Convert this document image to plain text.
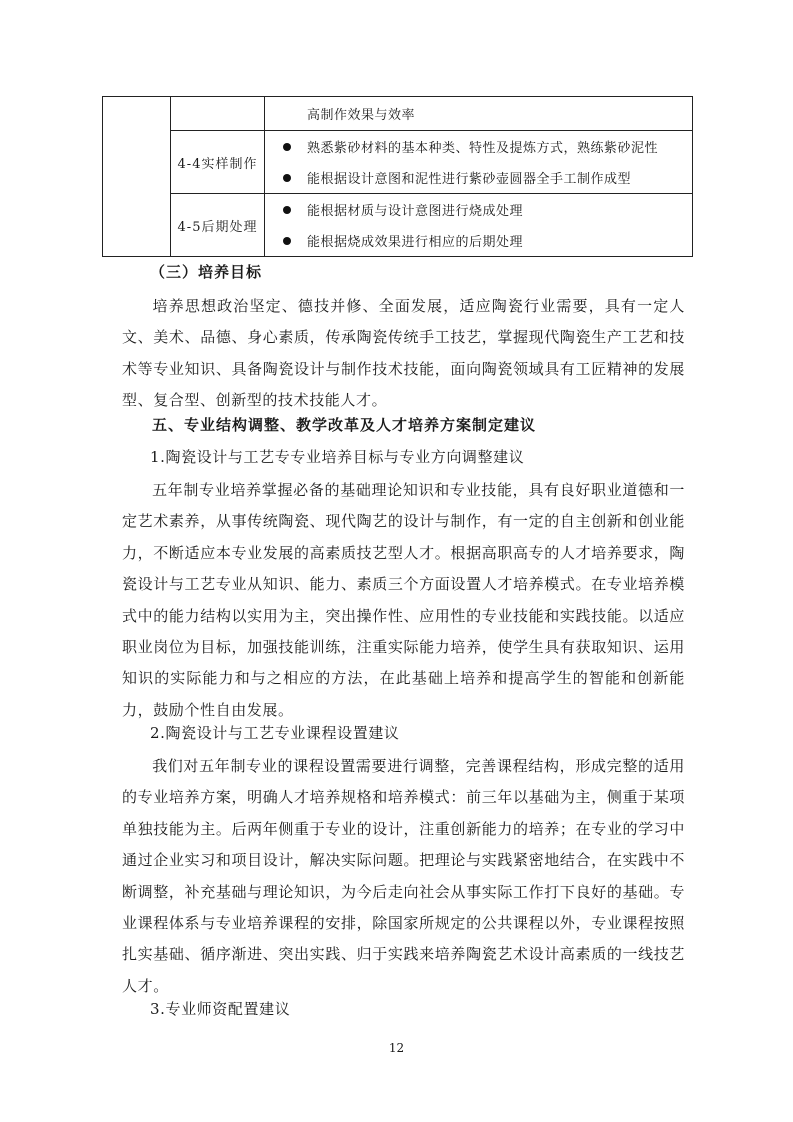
高制作效果与效率

	4-4实样制作	熟悉紫砂材料的基本种类、特性及提炼方式，熟练紫砂泥性
能根据设计意图和泥性进行紫砂壶圆器全手工制作成型

	4-5后期处理	能根据材质与设计意图进行烧成处理
能根据烧成效果进行相应的后期处理
（三）培养目标

培养思想政治坚定、德技并修、全面发展，适应陶瓷行业需要，具有一定人文、美术、品德、身心素质，传承陶瓷传统手工技艺，掌握现代陶瓷生产工艺和技术等专业知识、具备陶瓷设计与制作技术技能，面向陶瓷领域具有工匠精神的发展型、复合型、创新型的技术技能人才。

五、专业结构调整、教学改革及人才培养方案制定建议
1.陶瓷设计与工艺专专业培养目标与专业方向调整建议

五年制专业培养掌握必备的基础理论知识和专业技能，具有良好职业道德和一定艺术素养，从事传统陶瓷、现代陶艺的设计与制作，有一定的自主创新和创业能力，不断适应本专业发展的高素质技艺型人才。根据高职高专的人才培养要求，陶瓷设计与工艺专业从知识、能力、素质三个方面设置人才培养模式。在专业培养模式中的能力结构以实用为主，突出操作性、应用性的专业技能和实践技能。以适应职业岗位为目标，加强技能训练，注重实际能力培养，使学生具有获取知识、运用知识的实际能力和与之相应的方法，在此基础上培养和提高学生的智能和创新能力，鼓励个性自由发展。

2.陶瓷设计与工艺专业课程设置建议

我们对五年制专业的课程设置需要进行调整，完善课程结构，形成完整的适用的专业培养方案，明确人才培养规格和培养模式：前三年以基础为主，侧重于某项单独技能为主。后两年侧重于专业的设计，注重创新能力的培养；在专业的学习中通过企业实习和项目设计，解决实际问题。把理论与实践紧密地结合，在实践中不断调整，补充基础与理论知识，为今后走向社会从事实际工作打下良好的基础。专业课程体系与专业培养课程的安排，除国家所规定的公共课程以外，专业课程按照扎实基础、循序渐进、突出实践、归于实践来培养陶瓷艺术设计高素质的一线技艺人才。

3.专业师资配置建议
12
